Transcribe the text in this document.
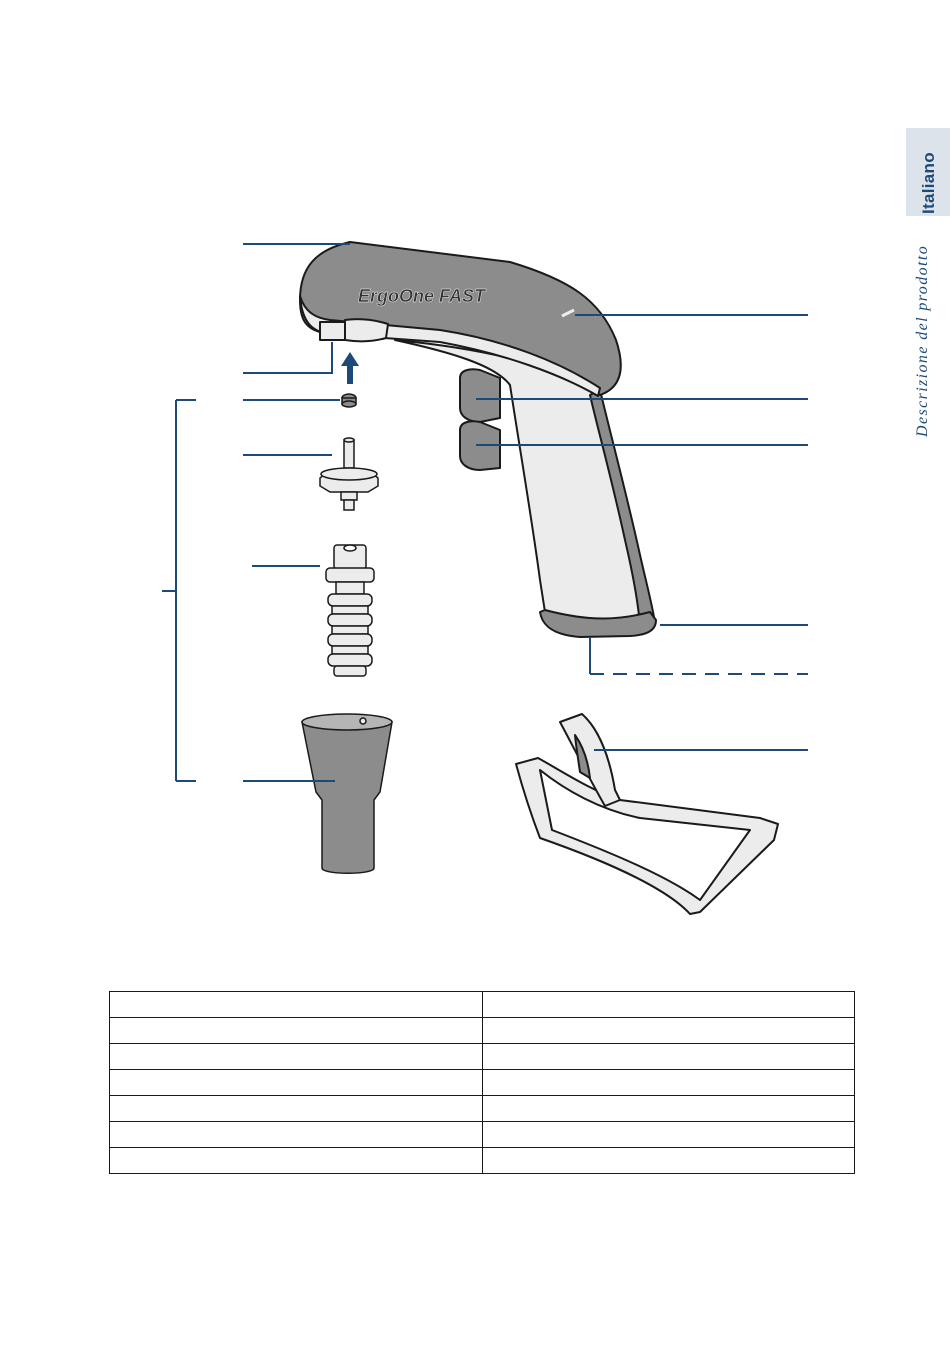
Italiano
Descrizione del prodotto
ErgoOne FAST
